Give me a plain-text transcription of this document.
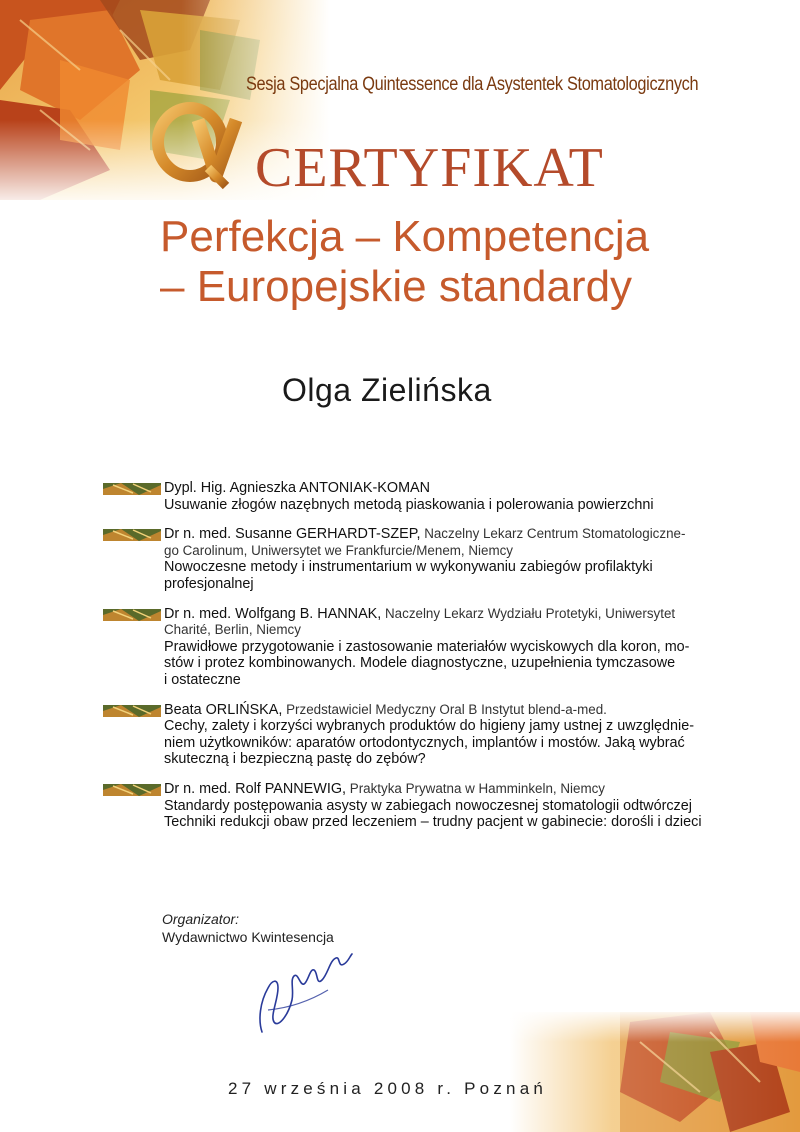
Sesja Specjalna Quintessence dla Asystentek Stomatologicznych
CERTYFIKAT
Perfekcja – Kompetencja
– Europejskie standardy
Olga Zielińska
Dypl. Hig. Agnieszka ANTONIAK-KOMAN
Usuwanie złogów nazębnych metodą piaskowania i polerowania powierzchni
Dr n. med. Susanne GERHARDT-SZEP, Naczelny Lekarz Centrum Stomatologiczne-
go Carolinum, Uniwersytet we Frankfurcie/Menem, Niemcy
Nowoczesne metody i instrumentarium w wykonywaniu zabiegów profilaktyki
profesjonalnej
Dr n. med. Wolfgang B. HANNAK, Naczelny Lekarz Wydziału Protetyki, Uniwersytet
Charité, Berlin, Niemcy
Prawidłowe przygotowanie i zastosowanie materiałów wyciskowych dla koron, mo-
stów i protez kombinowanych. Modele diagnostyczne, uzupełnienia tymczasowe
i ostateczne
Beata ORLIŃSKA, Przedstawiciel Medyczny Oral B Instytut blend-a-med.
Cechy, zalety i korzyści wybranych produktów do higieny jamy ustnej z uwzględnie-
niem użytkowników: aparatów ortodontycznych, implantów i mostów. Jaką wybrać
skuteczną i bezpieczną pastę do zębów?
Dr n. med. Rolf PANNEWIG, Praktyka Prywatna w Hamminkeln, Niemcy
Standardy postępowania asysty w zabiegach nowoczesnej stomatologii odtwórczej
Techniki redukcji obaw przed leczeniem – trudny pacjent w gabinecie: dorośli i dzieci
Organizator:
Wydawnictwo Kwintesencja
27 września 2008 r. Poznań
